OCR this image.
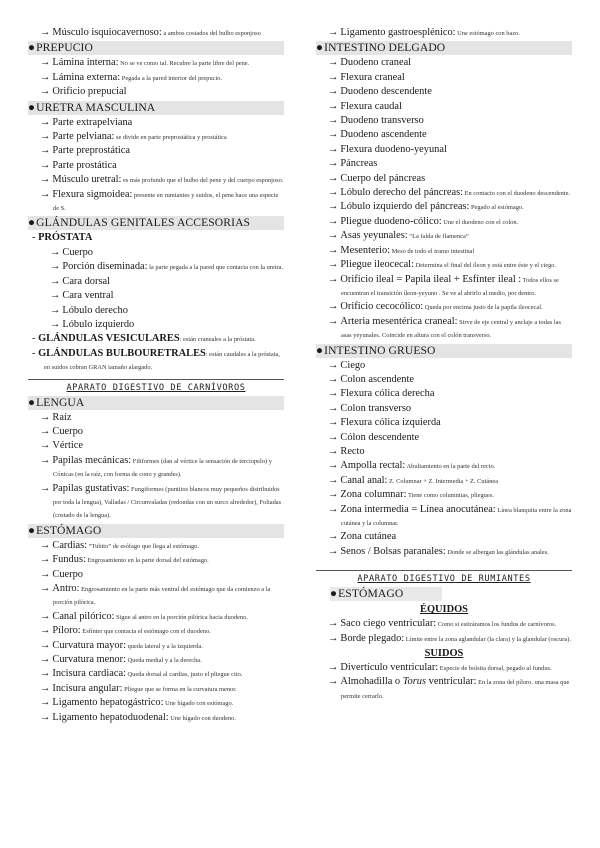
→ Músculo isquiocavernoso: a ambos costados del bulbo esponjoso
●PREPUCIO
→ Lámina interna: No se ve como tal. Recubre la parte libre del pene.
→ Lámina externa: Pegada a la pared interior del prepucio.
→ Orificio prepucial
●URETRA MASCULINA
→ Parte extrapelviana
→ Parte pelviana: se divide en parte preprostática y prostática
→ Parte preprostática
→ Parte prostática
→ Músculo uretral: es más profundo que el bulbo del pene y del cuerpo esponjoso.
→ Flexura sigmoidea: presente en rumiantes y suidos, el pene hace una especie de S.
●GLÁNDULAS GENITALES ACCESORIAS
- PRÓSTATA
→ Cuerpo
→ Porción diseminada: la parte pegada a la pared que contacta con la uretra.
→ Cara dorsal
→ Cara ventral
→ Lóbulo derecho
→ Lóbulo izquierdo
- GLÁNDULAS VESICULARES: están craneales a la próstata.
- GLÁNDULAS BULBOURETRALES: están caudales a la próstata, en suidos cobran GRAN tamaño alargado.
APARATO DIGESTIVO DE CARNÍVOROS
●LENGUA
→ Raíz
→ Cuerpo
→ Vértice
→ Papilas mecánicas: Filiformes (dan al vértice la sensación de terciopelo) y Cónicas (en la raíz, con forma de cono y grandes).
→ Papilas gustativas: Fungiformes (puntitos blancos muy pequeños distribuidos por toda la lengua), Valladas / Circunvaladas (redondas con un surco alrededor), Foliadas (costado de la lengua).
●ESTÓMAGO
→ Cardias: “Tubito” de esófago que llega al estómago.
→ Fundus: Engrosamiento en la parte dorsal del estómago.
→ Cuerpo
→ Antro: Engrosamiento en la parte más ventral del estómago que da comienzo a la porción pilórica.
→ Canal pilórico: Sigue al antro en la porción pilórica hacia duodeno.
→ Píloro: Esfínter que contacta el estómago con el duodeno.
→ Curvatura mayor: queda lateral y a la izquierda.
→ Curvatura menor: Queda medial y a la derecha.
→ Incisura cardiaca: Queda dorsal al cardias, justo el pliegue cito.
→ Incisura angular: Pliegue que se forma en la curvatura menor.
→ Ligamento hepatogástrico: Une hígado con estómago.
→ Ligamento hepatoduodenal: Une hígado con duodeno.
→ Ligamento gastroesplénico: Une estómago con bazo.
●INTESTINO DELGADO
→ Duodeno craneal
→ Flexura craneal
→ Duodeno descendente
→ Flexura caudal
→ Duodeno transverso
→ Duodeno ascendente
→ Flexura duodeno-yeyunal
→ Páncreas
→ Cuerpo del páncreas
→ Lóbulo derecho del páncreas: En contacto con el duodeno descendente.
→ Lóbulo izquierdo del páncreas: Pegado al estómago.
→ Pliegue duodeno-cólico: Une el duodeno con el colon.
→ Asas yeyunales: “La falda de flamenca”
→ Mesenterio: Meso de todo el tramo intestinal
→ Pliegue ileocecal: Determina el final del íleon y está entre éste y el ciego.
→ Orificio ileal = Papila ileal + Esfínter ileal : Todos ellos se encuentran el transición íleon-yeyuno . Se ve al abrirlo al medio, por dentro.
→ Orificio cecocólico: Queda por encima justo de la papila ileocecal.
→ Arteria mesentérica craneal: Sirve de eje central y anclaje a todas las asas yeyunales. Coincide en altura con el colón transverso.
●INTESTINO GRUESO
→ Ciego
→ Colon ascendente
→ Flexura cólica derecha
→ Colon transverso
→ Flexura cólica izquierda
→ Cólon descendente
→ Recto
→ Ampolla rectal: Abultamiento en la parte del recto.
→ Canal anal: Z. Columnar + Z. Intermedia + Z. Cutánea
→ Zona columnar: Tiene como columnitas, pliegues.
→ Zona intermedia = Línea anocutánea: Línea blanquita entre la zona cutánea y la columnar.
→ Zona cutánea
→ Senos / Bolsas paranales: Donde se albergan las glándulas anales.
APARATO DIGESTIVO DE RUMIANTES
●ESTÓMAGO
ÉQUIDOS
→ Saco ciego ventricular: Como si estiráramos los fundus de carnívoros.
→ Borde plegado: Límite entre la zona aglandular (la clara) y la glandular (oscura).
SUIDOS
→ Divertículo ventricular: Especie de bolsita dorsal, pegado al fundus.
→ Almohadilla o Torus ventricular: En la zona del píloro. una masa que permite cerrarlo.
